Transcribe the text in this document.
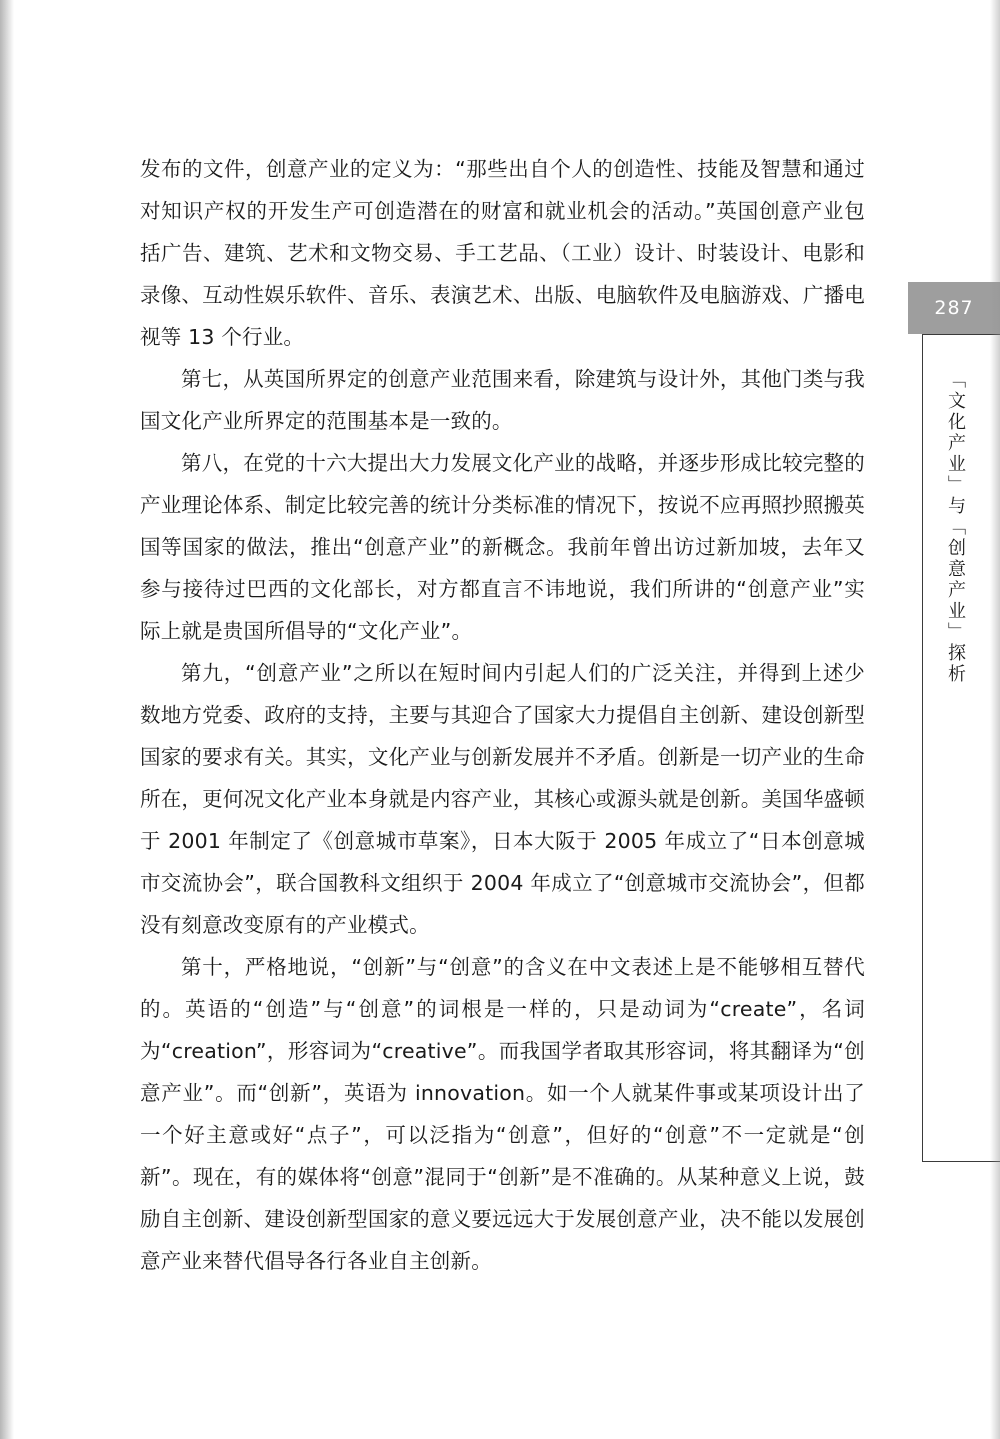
发布的文件，创意产业的定义为：“那些出自个人的创造性、技能及智慧和通过对知识产权的开发生产可创造潜在的财富和就业机会的活动。”英国创意产业包括广告、建筑、艺术和文物交易、手工艺品、（工业）设计、时装设计、电影和录像、互动性娱乐软件、音乐、表演艺术、出版、电脑软件及电脑游戏、广播电视等 13 个行业。

第七，从英国所界定的创意产业范围来看，除建筑与设计外，其他门类与我国文化产业所界定的范围基本是一致的。

第八，在党的十六大提出大力发展文化产业的战略，并逐步形成比较完整的产业理论体系、制定比较完善的统计分类标准的情况下，按说不应再照抄照搬英国等国家的做法，推出“创意产业”的新概念。我前年曾出访过新加坡，去年又参与接待过巴西的文化部长，对方都直言不讳地说，我们所讲的“创意产业”实际上就是贵国所倡导的“文化产业”。

第九，“创意产业”之所以在短时间内引起人们的广泛关注，并得到上述少数地方党委、政府的支持，主要与其迎合了国家大力提倡自主创新、建设创新型国家的要求有关。其实，文化产业与创新发展并不矛盾。创新是一切产业的生命所在，更何况文化产业本身就是内容产业，其核心或源头就是创新。美国华盛顿于 2001 年制定了《创意城市草案》，日本大阪于 2005 年成立了“日本创意城市交流协会”，联合国教科文组织于 2004 年成立了“创意城市交流协会”，但都没有刻意改变原有的产业模式。

第十，严格地说，“创新”与“创意”的含义在中文表述上是不能够相互替代的。英语的“创造”与“创意”的词根是一样的，只是动词为“create”，名词为“creation”，形容词为“creative”。而我国学者取其形容词，将其翻译为“创意产业”。而“创新”，英语为 innovation。如一个人就某件事或某项设计出了一个好主意或好“点子”，可以泛指为“创意”，但好的“创意”不一定就是“创新”。现在，有的媒体将“创意”混同于“创新”是不准确的。从某种意义上说，鼓励自主创新、建设创新型国家的意义要远远大于发展创意产业，决不能以发展创意产业来替代倡导各行各业自主创新。

287
「文化产业」与「创意产业」探析
